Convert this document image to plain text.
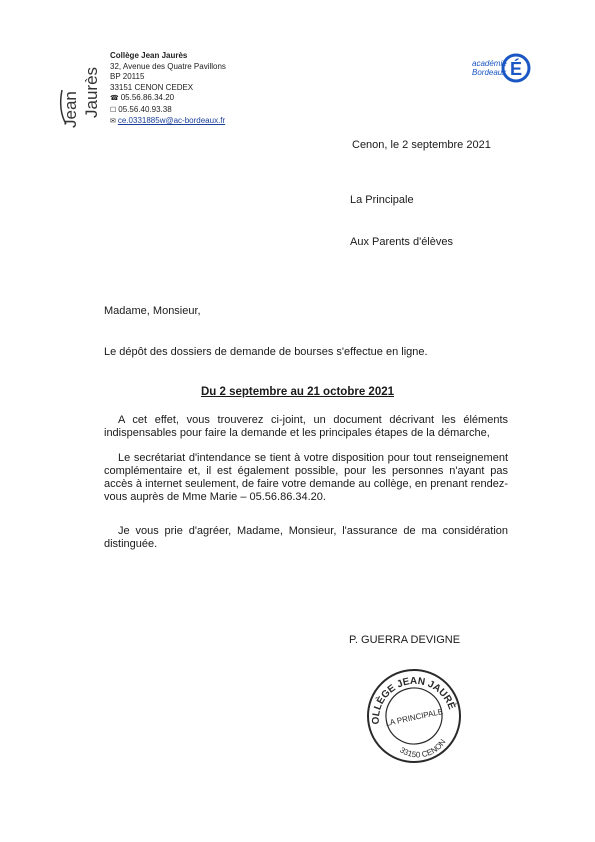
Jean Jaurès
Collège Jean Jaurès
32, Avenue des Quatre Pavillons
BP 20115
33151 CENON CEDEX
☎ 05.56.86.34.20
☐ 05.56.40.93.38
✉ ce.0331885w@ac-bordeaux.fr
académie
Bordeaux É
Cenon, le 2 septembre 2021
La Principale
Aux Parents d'élèves
Madame, Monsieur,
Le dépôt des dossiers de demande de bourses s'effectue en ligne.
Du 2 septembre au 21 octobre 2021
A cet effet, vous trouverez ci-joint, un document décrivant les éléments indispensables pour faire la demande et les principales étapes de la démarche,
Le secrétariat d'intendance se tient à votre disposition pour tout renseignement complémentaire et, il est également possible, pour les personnes n'ayant pas accès à internet seulement, de faire votre demande au collège, en prenant rendez-vous auprès de Mme Marie – 05.56.86.34.20.
Je vous prie d'agréer, Madame, Monsieur, l'assurance de ma considération distinguée.
P. GUERRA DEVIGNE
COLLÈGE JEAN JAURÈS
LA PRINCIPALE
33150 CENON
